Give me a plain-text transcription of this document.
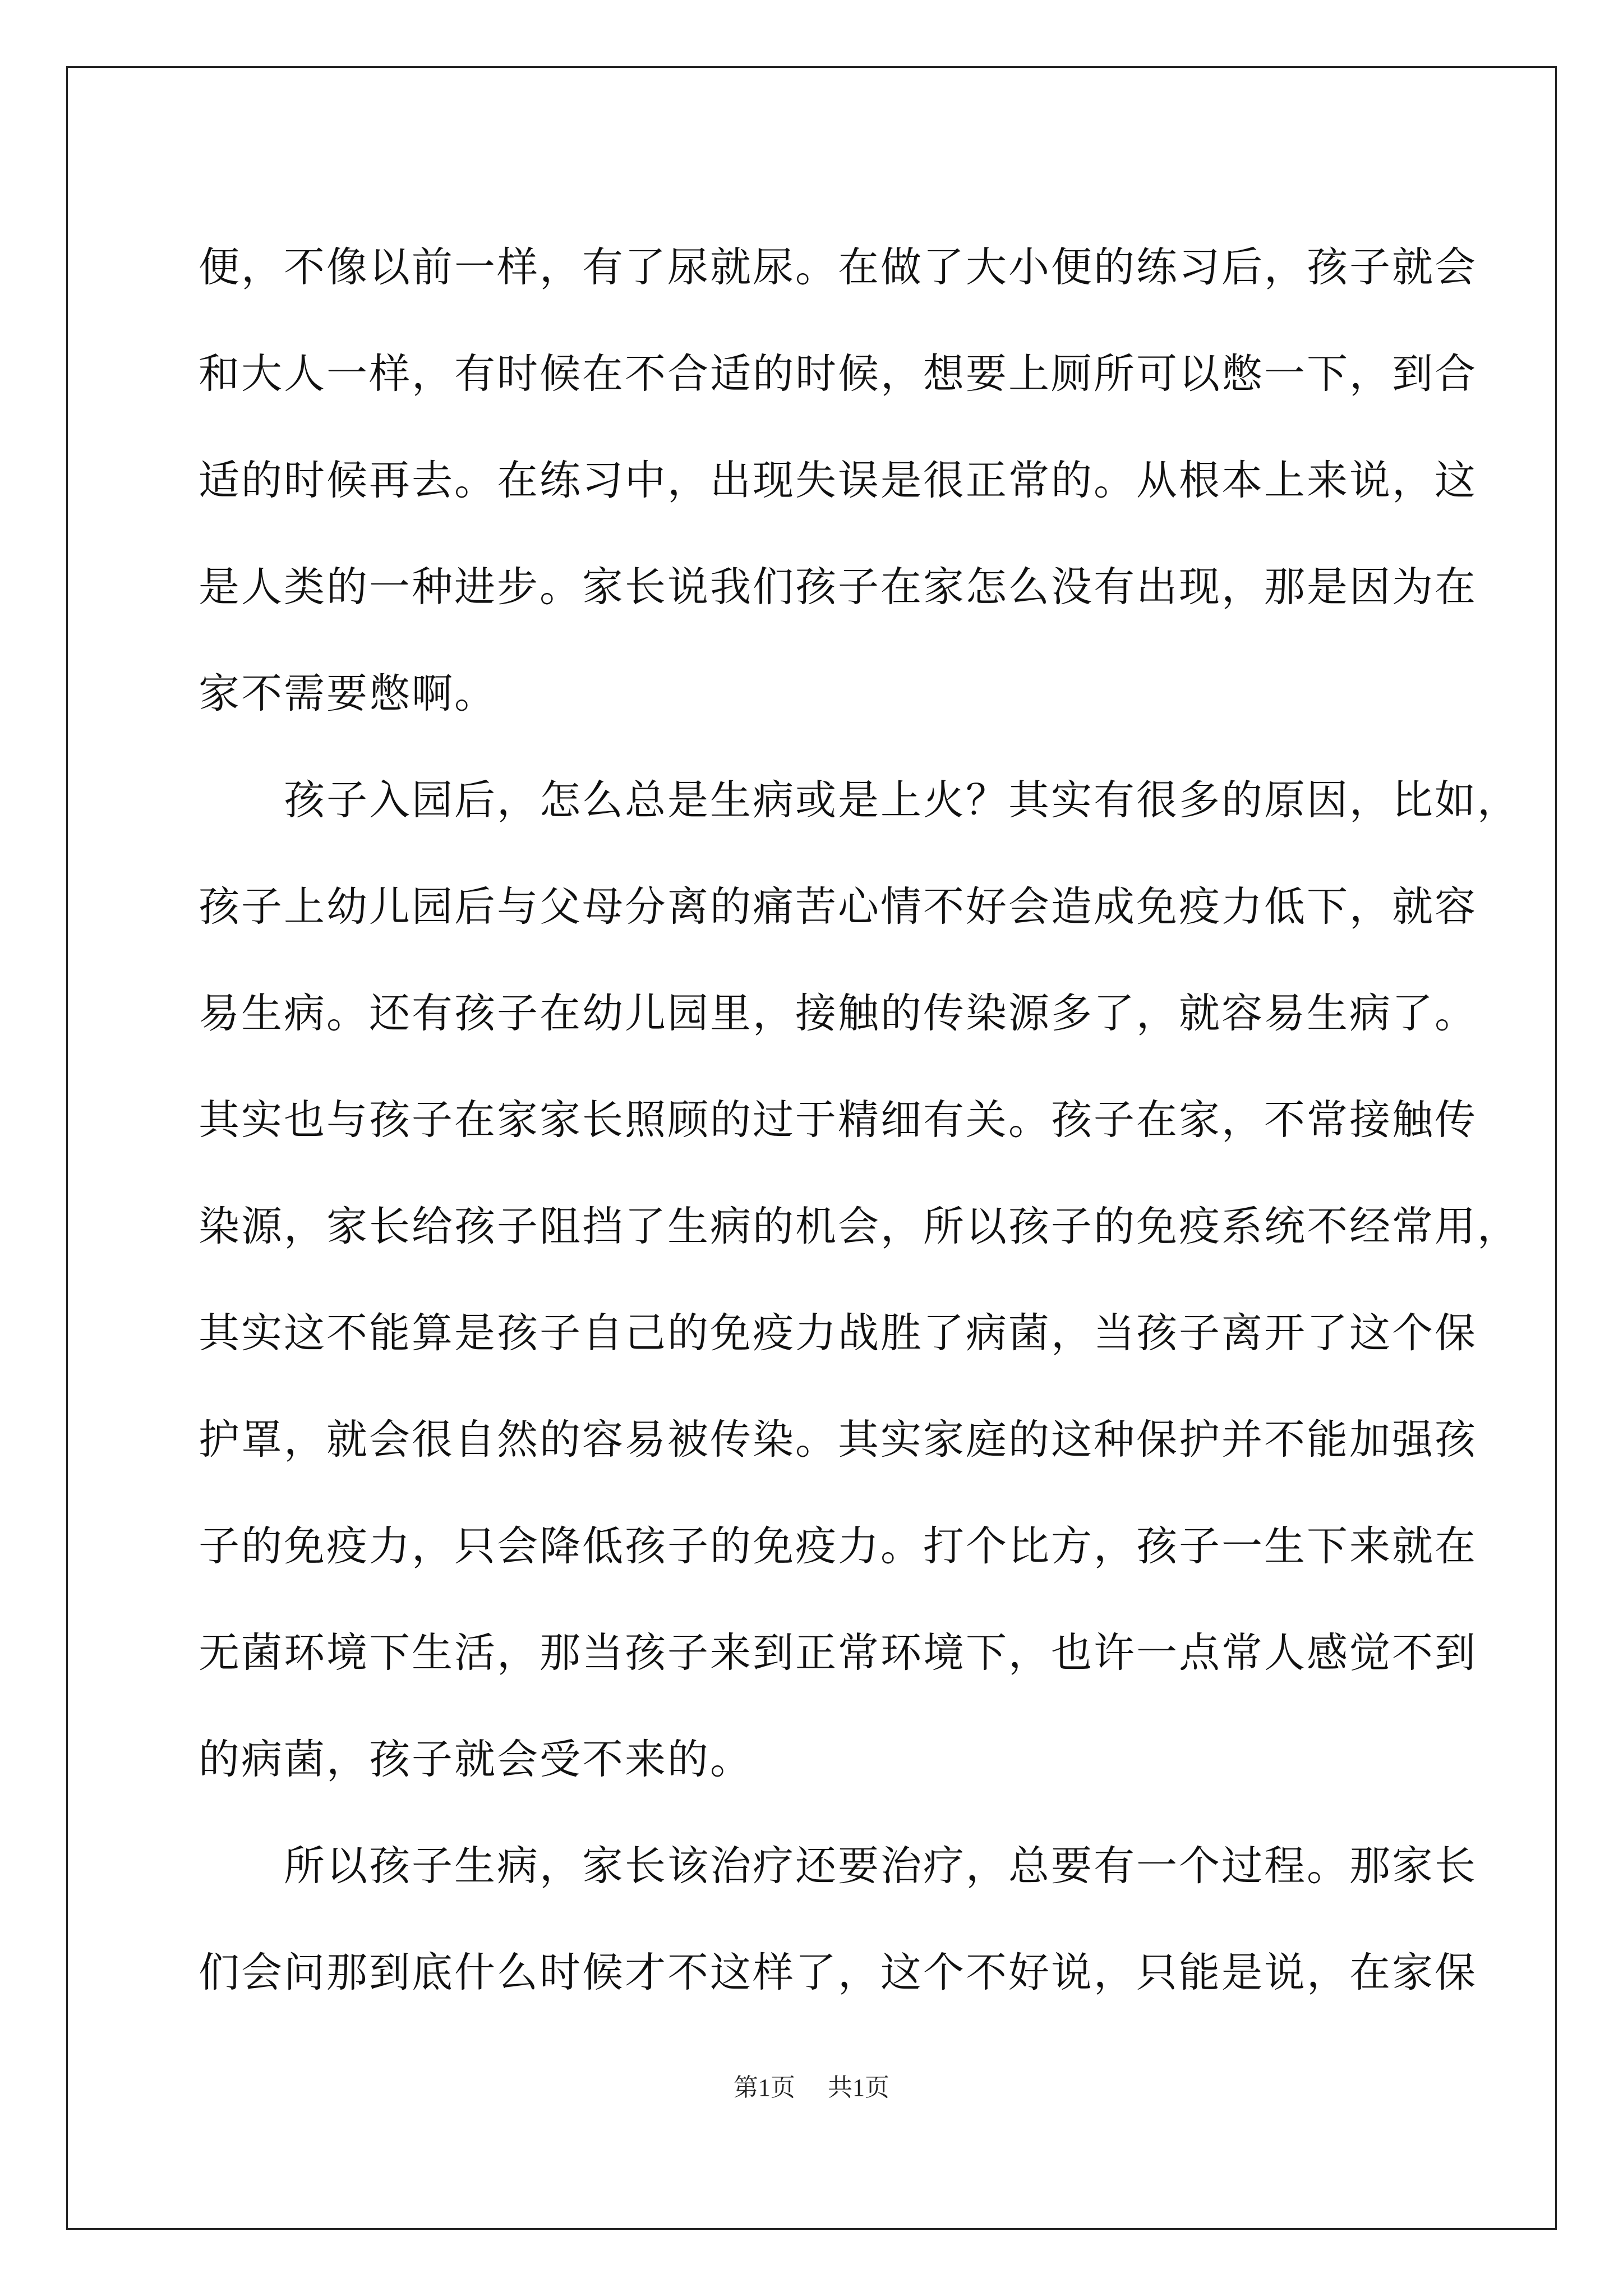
便，不像以前一样，有了尿就尿。在做了大小便的练习后，孩子就会
和大人一样，有时候在不合适的时候，想要上厕所可以憋一下，到合
适的时候再去。在练习中，出现失误是很正常的。从根本上来说，这
是人类的一种进步。家长说我们孩子在家怎么没有出现，那是因为在
家不需要憋啊。
孩子入园后，怎么总是生病或是上火？其实有很多的原因，比如，
孩子上幼儿园后与父母分离的痛苦心情不好会造成免疫力低下，就容
易生病。还有孩子在幼儿园里，接触的传染源多了，就容易生病了。
其实也与孩子在家家长照顾的过于精细有关。孩子在家，不常接触传
染源，家长给孩子阻挡了生病的机会，所以孩子的免疫系统不经常用，
其实这不能算是孩子自己的免疫力战胜了病菌，当孩子离开了这个保
护罩，就会很自然的容易被传染。其实家庭的这种保护并不能加强孩
子的免疫力，只会降低孩子的免疫力。打个比方，孩子一生下来就在
无菌环境下生活，那当孩子来到正常环境下，也许一点常人感觉不到
的病菌，孩子就会受不来的。
所以孩子生病，家长该治疗还要治疗，总要有一个过程。那家长
们会问那到底什么时候才不这样了，这个不好说，只能是说，在家保
第1页 共1页
